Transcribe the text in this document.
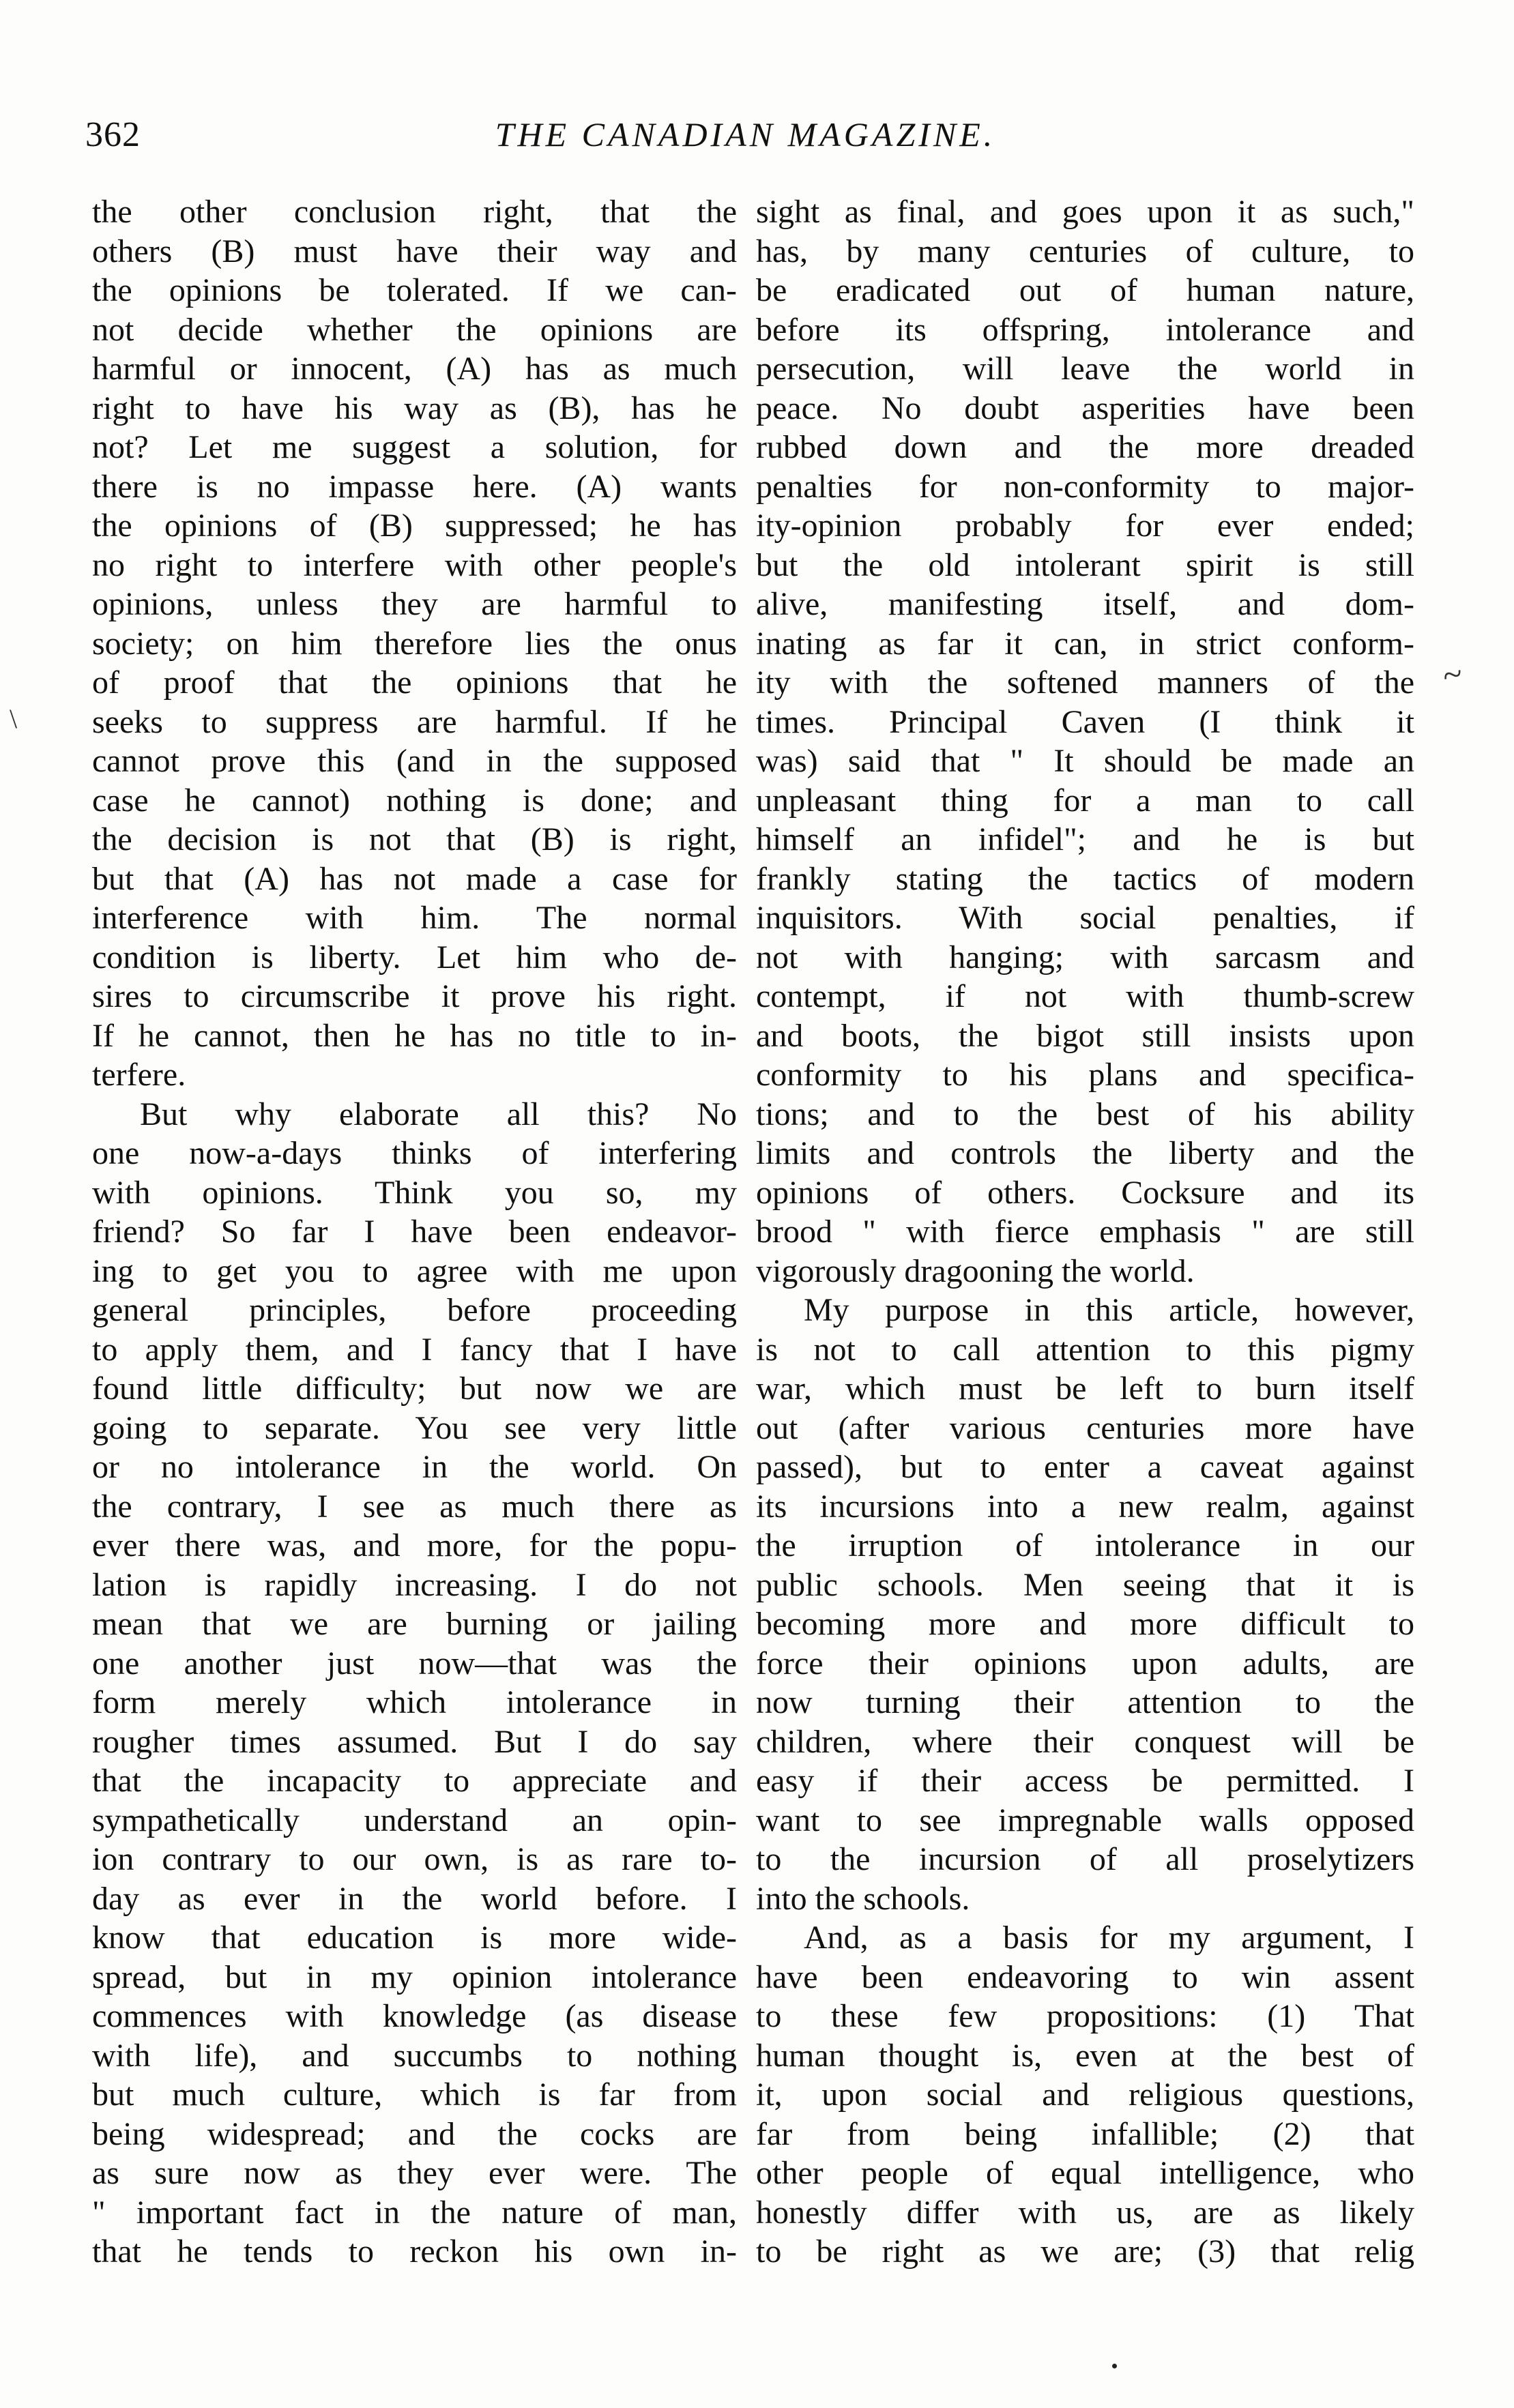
362	THE CANADIAN MAGAZINE.
the other conclusion right, that the
others (B) must have their way and
the opinions be tolerated. If we can-
not decide whether the opinions are
harmful or innocent, (A) has as much
right to have his way as (B), has he
not? Let me suggest a solution, for
there is no impasse here. (A) wants
the opinions of (B) suppressed; he has
no right to interfere with other people's
opinions, unless they are harmful to
society; on him therefore lies the onus
of proof that the opinions that he
seeks to suppress are harmful. If he
cannot prove this (and in the supposed
case he cannot) nothing is done; and
the decision is not that (B) is right,
but that (A) has not made a case for
interference with him. The normal
condition is liberty. Let him who de-
sires to circumscribe it prove his right.
If he cannot, then he has no title to in-
terfere.
But why elaborate all this? No
one now-a-days thinks of interfering
with opinions. Think you so, my
friend? So far I have been endeavor-
ing to get you to agree with me upon
general principles, before proceeding
to apply them, and I fancy that I have
found little difficulty; but now we are
going to separate. You see very little
or no intolerance in the world. On
the contrary, I see as much there as
ever there was, and more, for the popu-
lation is rapidly increasing. I do not
mean that we are burning or jailing
one another just now—that was the
form merely which intolerance in
rougher times assumed. But I do say
that the incapacity to appreciate and
sympathetically understand an opin-
ion contrary to our own, is as rare to-
day as ever in the world before. I
know that education is more wide-
spread, but in my opinion intolerance
commences with knowledge (as disease
with life), and succumbs to nothing
but much culture, which is far from
being widespread; and the cocks are
as sure now as they ever were. The
" important fact in the nature of man,
that he tends to reckon his own in-
sight as final, and goes upon it as such,"
has, by many centuries of culture, to
be eradicated out of human nature,
before its offspring, intolerance and
persecution, will leave the world in
peace. No doubt asperities have been
rubbed down and the more dreaded
penalties for non-conformity to major-
ity-opinion probably for ever ended;
but the old intolerant spirit is still
alive, manifesting itself, and dom-
inating as far it can, in strict conform-
ity with the softened manners of the
times. Principal Caven (I think it
was) said that " It should be made an
unpleasant thing for a man to call
himself an infidel"; and he is but
frankly stating the tactics of modern
inquisitors. With social penalties, if
not with hanging; with sarcasm and
contempt, if not with thumb-screw
and boots, the bigot still insists upon
conformity to his plans and specifica-
tions; and to the best of his ability
limits and controls the liberty and the
opinions of others. Cocksure and its
brood " with fierce emphasis " are still
vigorously dragooning the world.
My purpose in this article, however,
is not to call attention to this pigmy
war, which must be left to burn itself
out (after various centuries more have
passed), but to enter a caveat against
its incursions into a new realm, against
the irruption of intolerance in our
public schools. Men seeing that it is
becoming more and more difficult to
force their opinions upon adults, are
now turning their attention to the
children, where their conquest will be
easy if their access be permitted. I
want to see impregnable walls opposed
to the incursion of all proselytizers
into the schools.
And, as a basis for my argument, I
have been endeavoring to win assent
to these few propositions: (1) That
human thought is, even at the best of
it, upon social and religious questions,
far from being infallible; (2) that
other people of equal intelligence, who
honestly differ with us, are as likely
to be right as we are; (3) that relig
\
~
